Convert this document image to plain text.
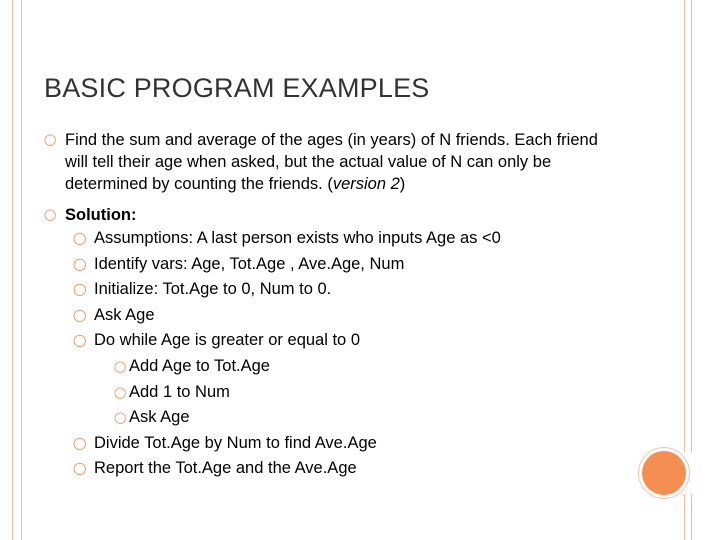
BASIC PROGRAM EXAMPLES
◯ Find the sum and average of the ages (in years) of N friends. Each friend will tell their age when asked, but the actual value of N can only be determined by counting the friends. (version 2)
◯ Solution:
◯ Assumptions: A last person exists who inputs Age as <0
◯ Identify vars: Age, Tot.Age , Ave.Age, Num
◯ Initialize: Tot.Age to 0, Num to 0.
◯ Ask Age
◯ Do while Age is greater or equal to 0
◯ Add Age to Tot.Age
◯ Add 1 to Num
◯ Ask Age
◯ Divide Tot.Age by Num to find Ave.Age
◯ Report the Tot.Age and the Ave.Age
